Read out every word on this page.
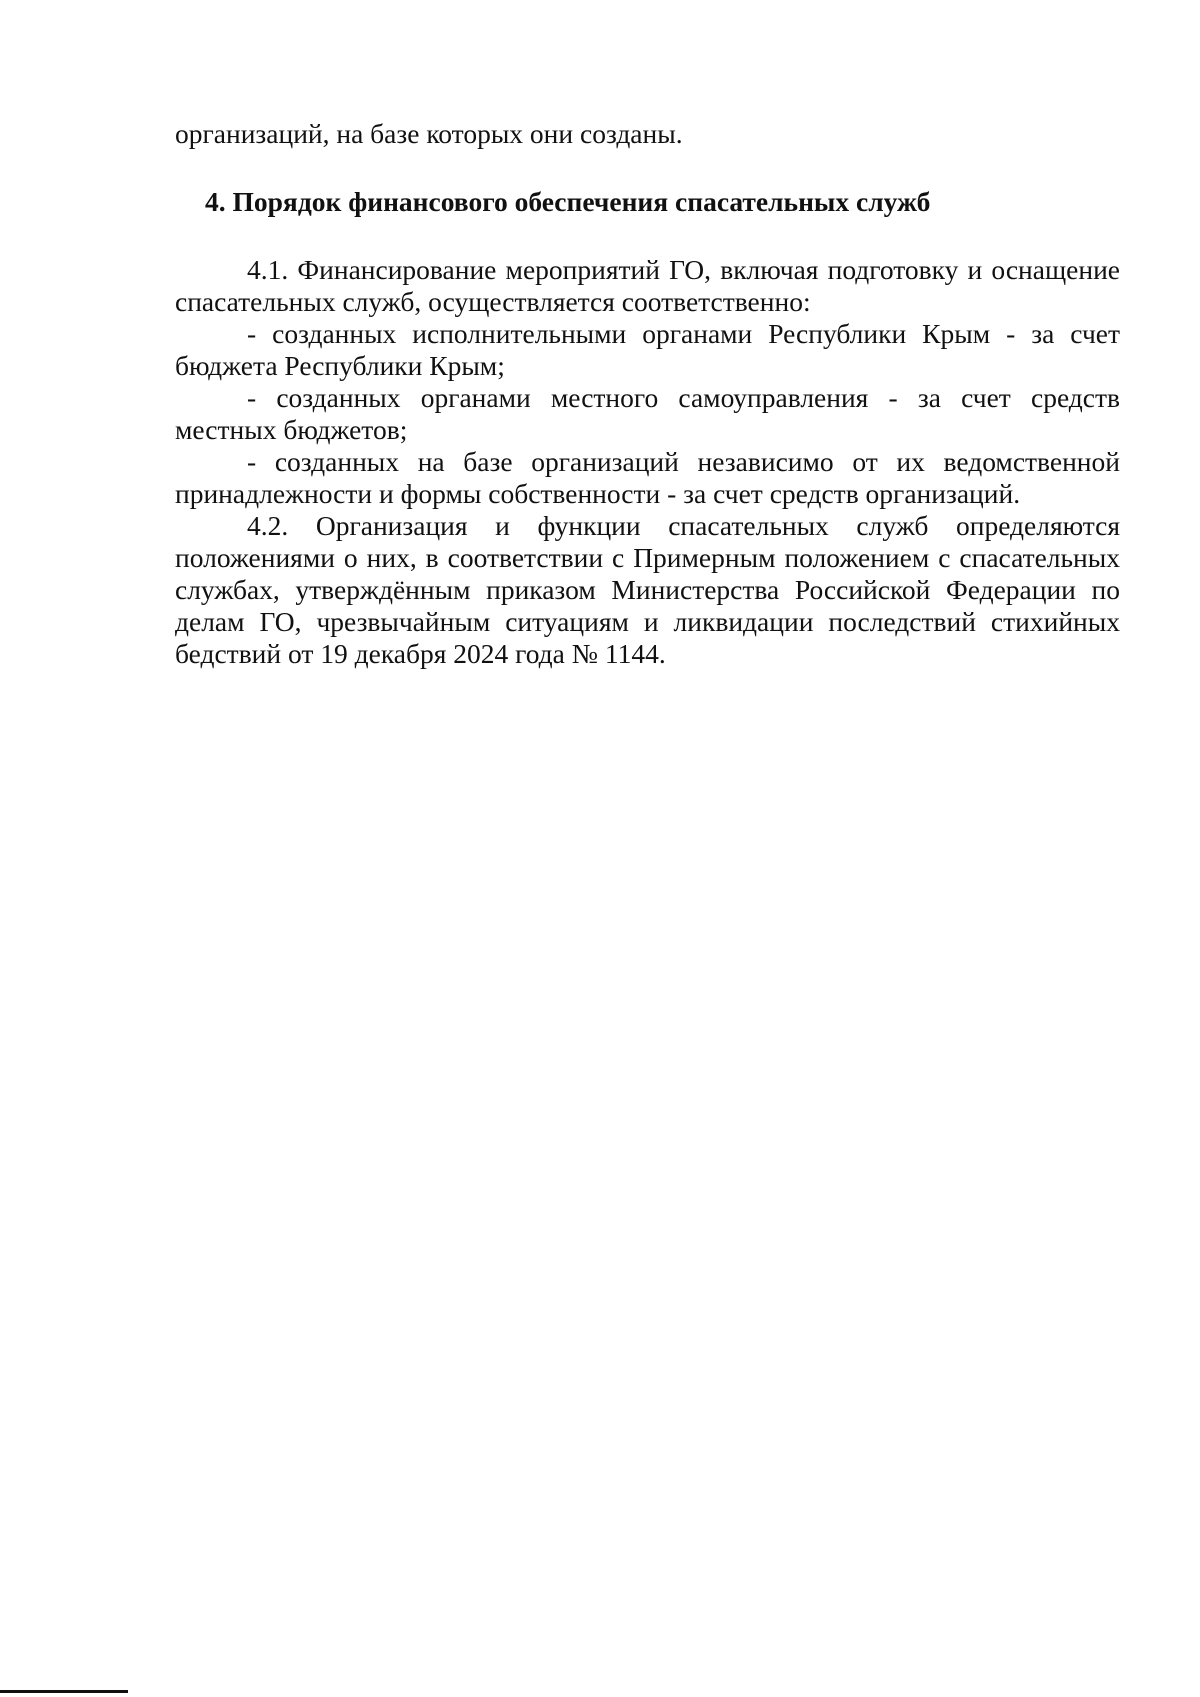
организаций, на базе которых они созданы.

4. Порядок финансового обеспечения спасательных служб

4.1. Финансирование мероприятий ГО, включая подготовку и оснащение спасательных служб, осуществляется соответственно:

- созданных исполнительными органами Республики Крым - за счет бюджета Республики Крым;
- созданных органами местного самоуправления - за счет средств местных бюджетов;
- созданных на базе организаций независимо от их ведомственной принадлежности и формы собственности - за счет средств организаций.

4.2. Организация и функции спасательных служб определяются положениями о них, в соответствии с Примерным положением с спасательных службах, утверждённым приказом Министерства Российской Федерации по делам ГО, чрезвычайным ситуациям и ликвидации последствий стихийных бедствий от 19 декабря 2024 года № 1144.
